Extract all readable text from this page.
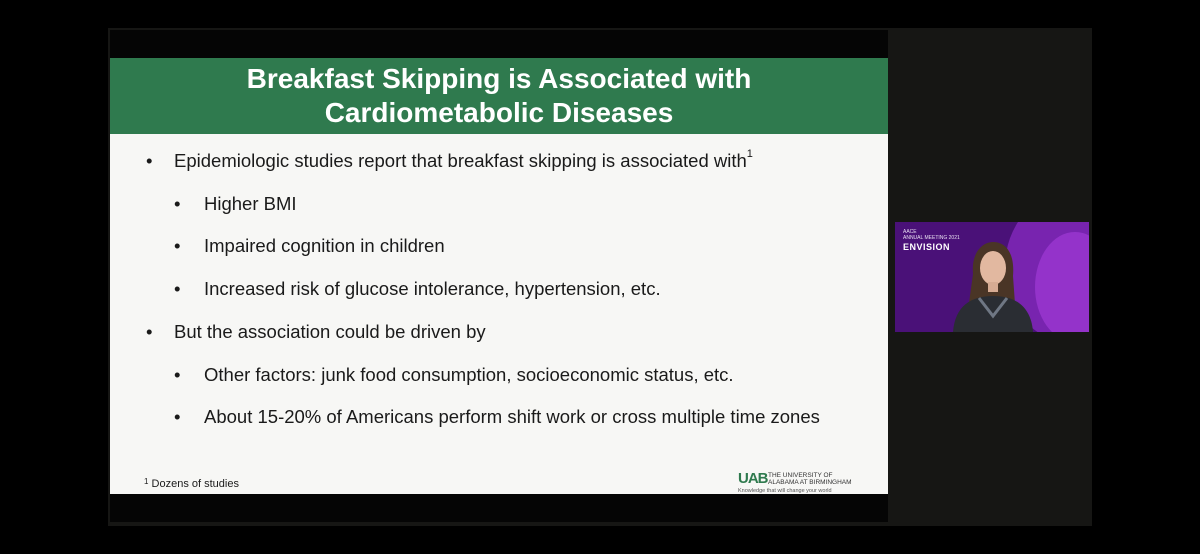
Breakfast Skipping is Associated with
Cardiometabolic Diseases
• Epidemiologic studies report that breakfast skipping is associated with$^1$
• Higher BMI
• Impaired cognition in children
• Increased risk of glucose intolerance, hypertension, etc.
• But the association could be driven by
• Other factors: junk food consumption, socioeconomic status, etc.
• About 15-20% of Americans perform shift work or cross multiple time zones
$^1$ Dozens of studies	UAB THE UNIVERSITY OF ALABAMA AT BIRMINGHAM
Knowledge that will change your world
AACE
ANNUAL MEETING 2021
ENVISION
